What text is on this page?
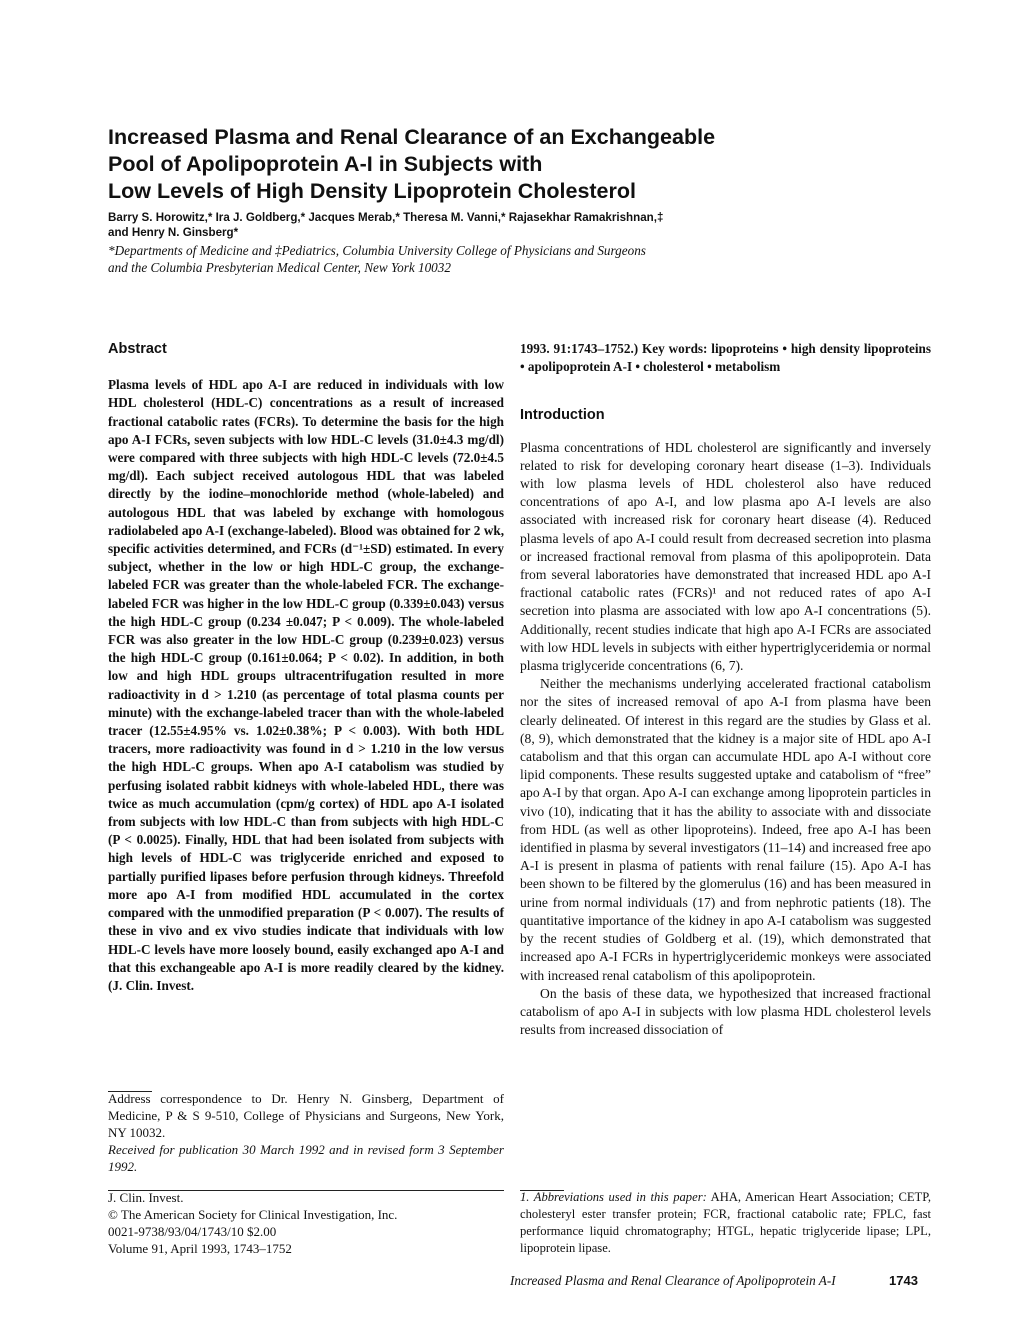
Increased Plasma and Renal Clearance of an Exchangeable
Pool of Apolipoprotein A-I in Subjects with
Low Levels of High Density Lipoprotein Cholesterol
Barry S. Horowitz,* Ira J. Goldberg,* Jacques Merab,* Theresa M. Vanni,* Rajasekhar Ramakrishnan,‡
and Henry N. Ginsberg*
*Departments of Medicine and ‡Pediatrics, Columbia University College of Physicians and Surgeons
and the Columbia Presbyterian Medical Center, New York 10032
Abstract

Plasma levels of HDL apo A-I are reduced in individuals with low HDL cholesterol (HDL-C) concentrations as a result of increased fractional catabolic rates (FCRs). To determine the basis for the high apo A-I FCRs, seven subjects with low HDL-C levels (31.0±4.3 mg/dl) were compared with three subjects with high HDL-C levels (72.0±4.5 mg/dl). Each subject received autologous HDL that was labeled directly by the iodine–monochloride method (whole-labeled) and autologous HDL that was labeled by exchange with homologous radiolabeled apo A-I (exchange-labeled). Blood was obtained for 2 wk, specific activities determined, and FCRs (d⁻¹±SD) estimated. In every subject, whether in the low or high HDL-C group, the exchange-labeled FCR was greater than the whole-labeled FCR. The exchange-labeled FCR was higher in the low HDL-C group (0.339±0.043) versus the high HDL-C group (0.234 ±0.047; P < 0.009). The whole-labeled FCR was also greater in the low HDL-C group (0.239±0.023) versus the high HDL-C group (0.161±0.064; P < 0.02). In addition, in both low and high HDL groups ultracentrifugation resulted in more radioactivity in d > 1.210 (as percentage of total plasma counts per minute) with the exchange-labeled tracer than with the whole-labeled tracer (12.55±4.95% vs. 1.02±0.38%; P < 0.003). With both HDL tracers, more radioactivity was found in d > 1.210 in the low versus the high HDL-C groups. When apo A-I catabolism was studied by perfusing isolated rabbit kidneys with whole-labeled HDL, there was twice as much accumulation (cpm/g cortex) of HDL apo A-I isolated from subjects with low HDL-C than from subjects with high HDL-C (P < 0.0025). Finally, HDL that had been isolated from subjects with high levels of HDL-C was triglyceride enriched and exposed to partially purified lipases before perfusion through kidneys. Threefold more apo A-I from modified HDL accumulated in the cortex compared with the unmodified preparation (P < 0.007). The results of these in vivo and ex vivo studies indicate that individuals with low HDL-C levels have more loosely bound, easily exchanged apo A-I and that this exchangeable apo A-I is more readily cleared by the kidney. (J. Clin. Invest.

1993. 91:1743–1752.) Key words: lipoproteins • high density lipoproteins • apolipoprotein A-I • cholesterol • metabolism

Introduction

Plasma concentrations of HDL cholesterol are significantly and inversely related to risk for developing coronary heart disease (1–3). Individuals with low plasma levels of HDL cholesterol also have reduced concentrations of apo A-I, and low plasma apo A-I levels are also associated with increased risk for coronary heart disease (4). Reduced plasma levels of apo A-I could result from decreased secretion into plasma or increased fractional removal from plasma of this apolipoprotein. Data from several laboratories have demonstrated that increased HDL apo A-I fractional catabolic rates (FCRs)¹ and not reduced rates of apo A-I secretion into plasma are associated with low apo A-I concentrations (5). Additionally, recent studies indicate that high apo A-I FCRs are associated with low HDL levels in subjects with either hypertriglyceridemia or normal plasma triglyceride concentrations (6, 7).

Neither the mechanisms underlying accelerated fractional catabolism nor the sites of increased removal of apo A-I from plasma have been clearly delineated. Of interest in this regard are the studies by Glass et al. (8, 9), which demonstrated that the kidney is a major site of HDL apo A-I catabolism and that this organ can accumulate HDL apo A-I without core lipid components. These results suggested uptake and catabolism of “free” apo A-I by that organ. Apo A-I can exchange among lipoprotein particles in vivo (10), indicating that it has the ability to associate with and dissociate from HDL (as well as other lipoproteins). Indeed, free apo A-I has been identified in plasma by several investigators (11–14) and increased free apo A-I is present in plasma of patients with renal failure (15). Apo A-I has been shown to be filtered by the glomerulus (16) and has been measured in urine from normal individuals (17) and from nephrotic patients (18). The quantitative importance of the kidney in apo A-I catabolism was suggested by the recent studies of Goldberg et al. (19), which demonstrated that increased apo A-I FCRs in hypertriglyceridemic monkeys were associated with increased renal catabolism of this apolipoprotein.

On the basis of these data, we hypothesized that increased fractional catabolism of apo A-I in subjects with low plasma HDL cholesterol levels results from increased dissociation of

Address correspondence to Dr. Henry N. Ginsberg, Department of Medicine, P & S 9-510, College of Physicians and Surgeons, New York, NY 10032.

Received for publication 30 March 1992 and in revised form 3 September 1992.

J. Clin. Invest.
© The American Society for Clinical Investigation, Inc.
0021-9738/93/04/1743/10 $2.00
Volume 91, April 1993, 1743–1752
1. Abbreviations used in this paper: AHA, American Heart Association; CETP, cholesteryl ester transfer protein; FCR, fractional catabolic rate; FPLC, fast performance liquid chromatography; HTGL, hepatic triglyceride lipase; LPL, lipoprotein lipase.
Increased Plasma and Renal Clearance of Apolipoprotein A-I	1743
